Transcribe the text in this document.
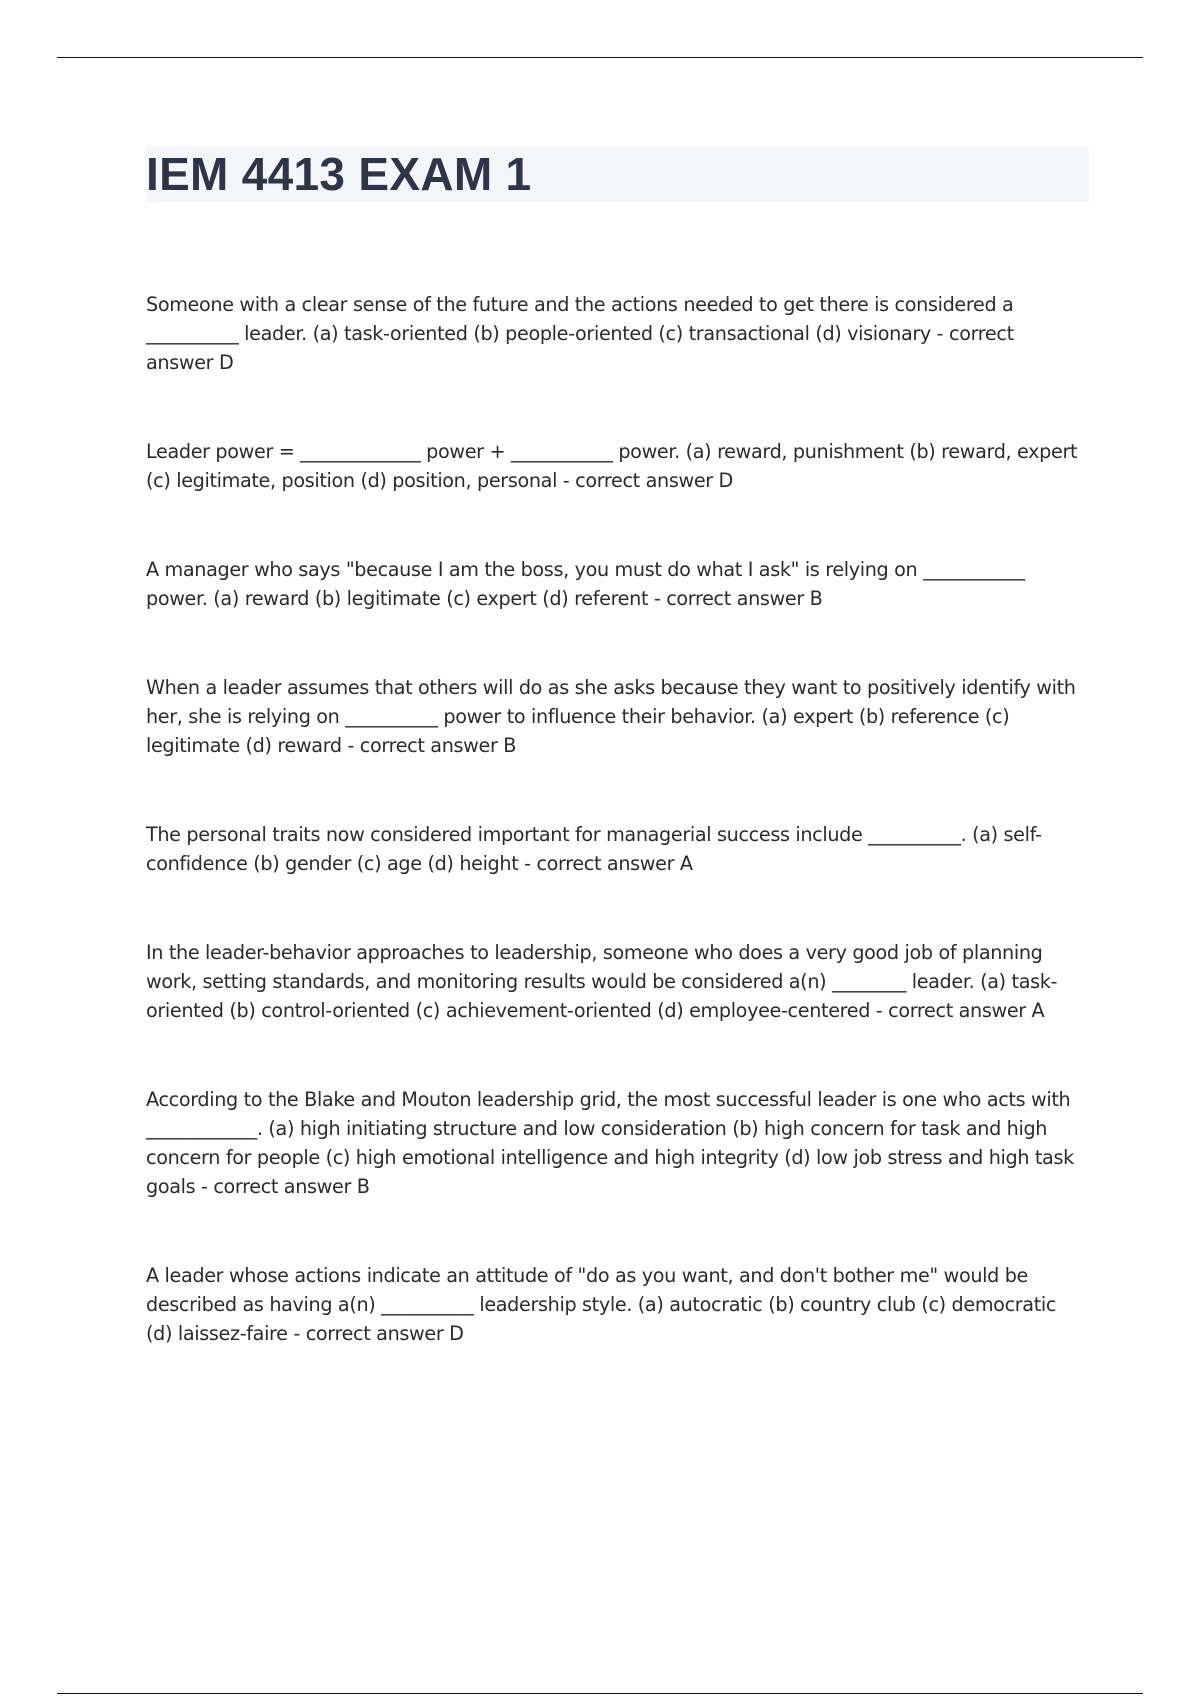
IEM 4413 EXAM 1

Someone with a clear sense of the future and the actions needed to get there is considered a __________ leader. (a) task-oriented (b) people-oriented (c) transactional (d) visionary - correct answer D

Leader power = _____________ power + ___________ power. (a) reward, punishment (b) reward, expert (c) legitimate, position (d) position, personal - correct answer D

A manager who says "because I am the boss, you must do what I ask" is relying on ___________ power. (a) reward (b) legitimate (c) expert (d) referent - correct answer B

When a leader assumes that others will do as she asks because they want to positively identify with her, she is relying on __________ power to influence their behavior. (a) expert (b) reference (c) legitimate (d) reward - correct answer B

The personal traits now considered important for managerial success include __________. (a) self-confidence (b) gender (c) age (d) height - correct answer A

In the leader-behavior approaches to leadership, someone who does a very good job of planning work, setting standards, and monitoring results would be considered a(n) ________ leader. (a) task-oriented (b) control-oriented (c) achievement-oriented (d) employee-centered - correct answer A

According to the Blake and Mouton leadership grid, the most successful leader is one who acts with ____________. (a) high initiating structure and low consideration (b) high concern for task and high concern for people (c) high emotional intelligence and high integrity (d) low job stress and high task goals - correct answer B

A leader whose actions indicate an attitude of "do as you want, and don't bother me" would be described as having a(n) __________ leadership style. (a) autocratic (b) country club (c) democratic (d) laissez-faire - correct answer D
